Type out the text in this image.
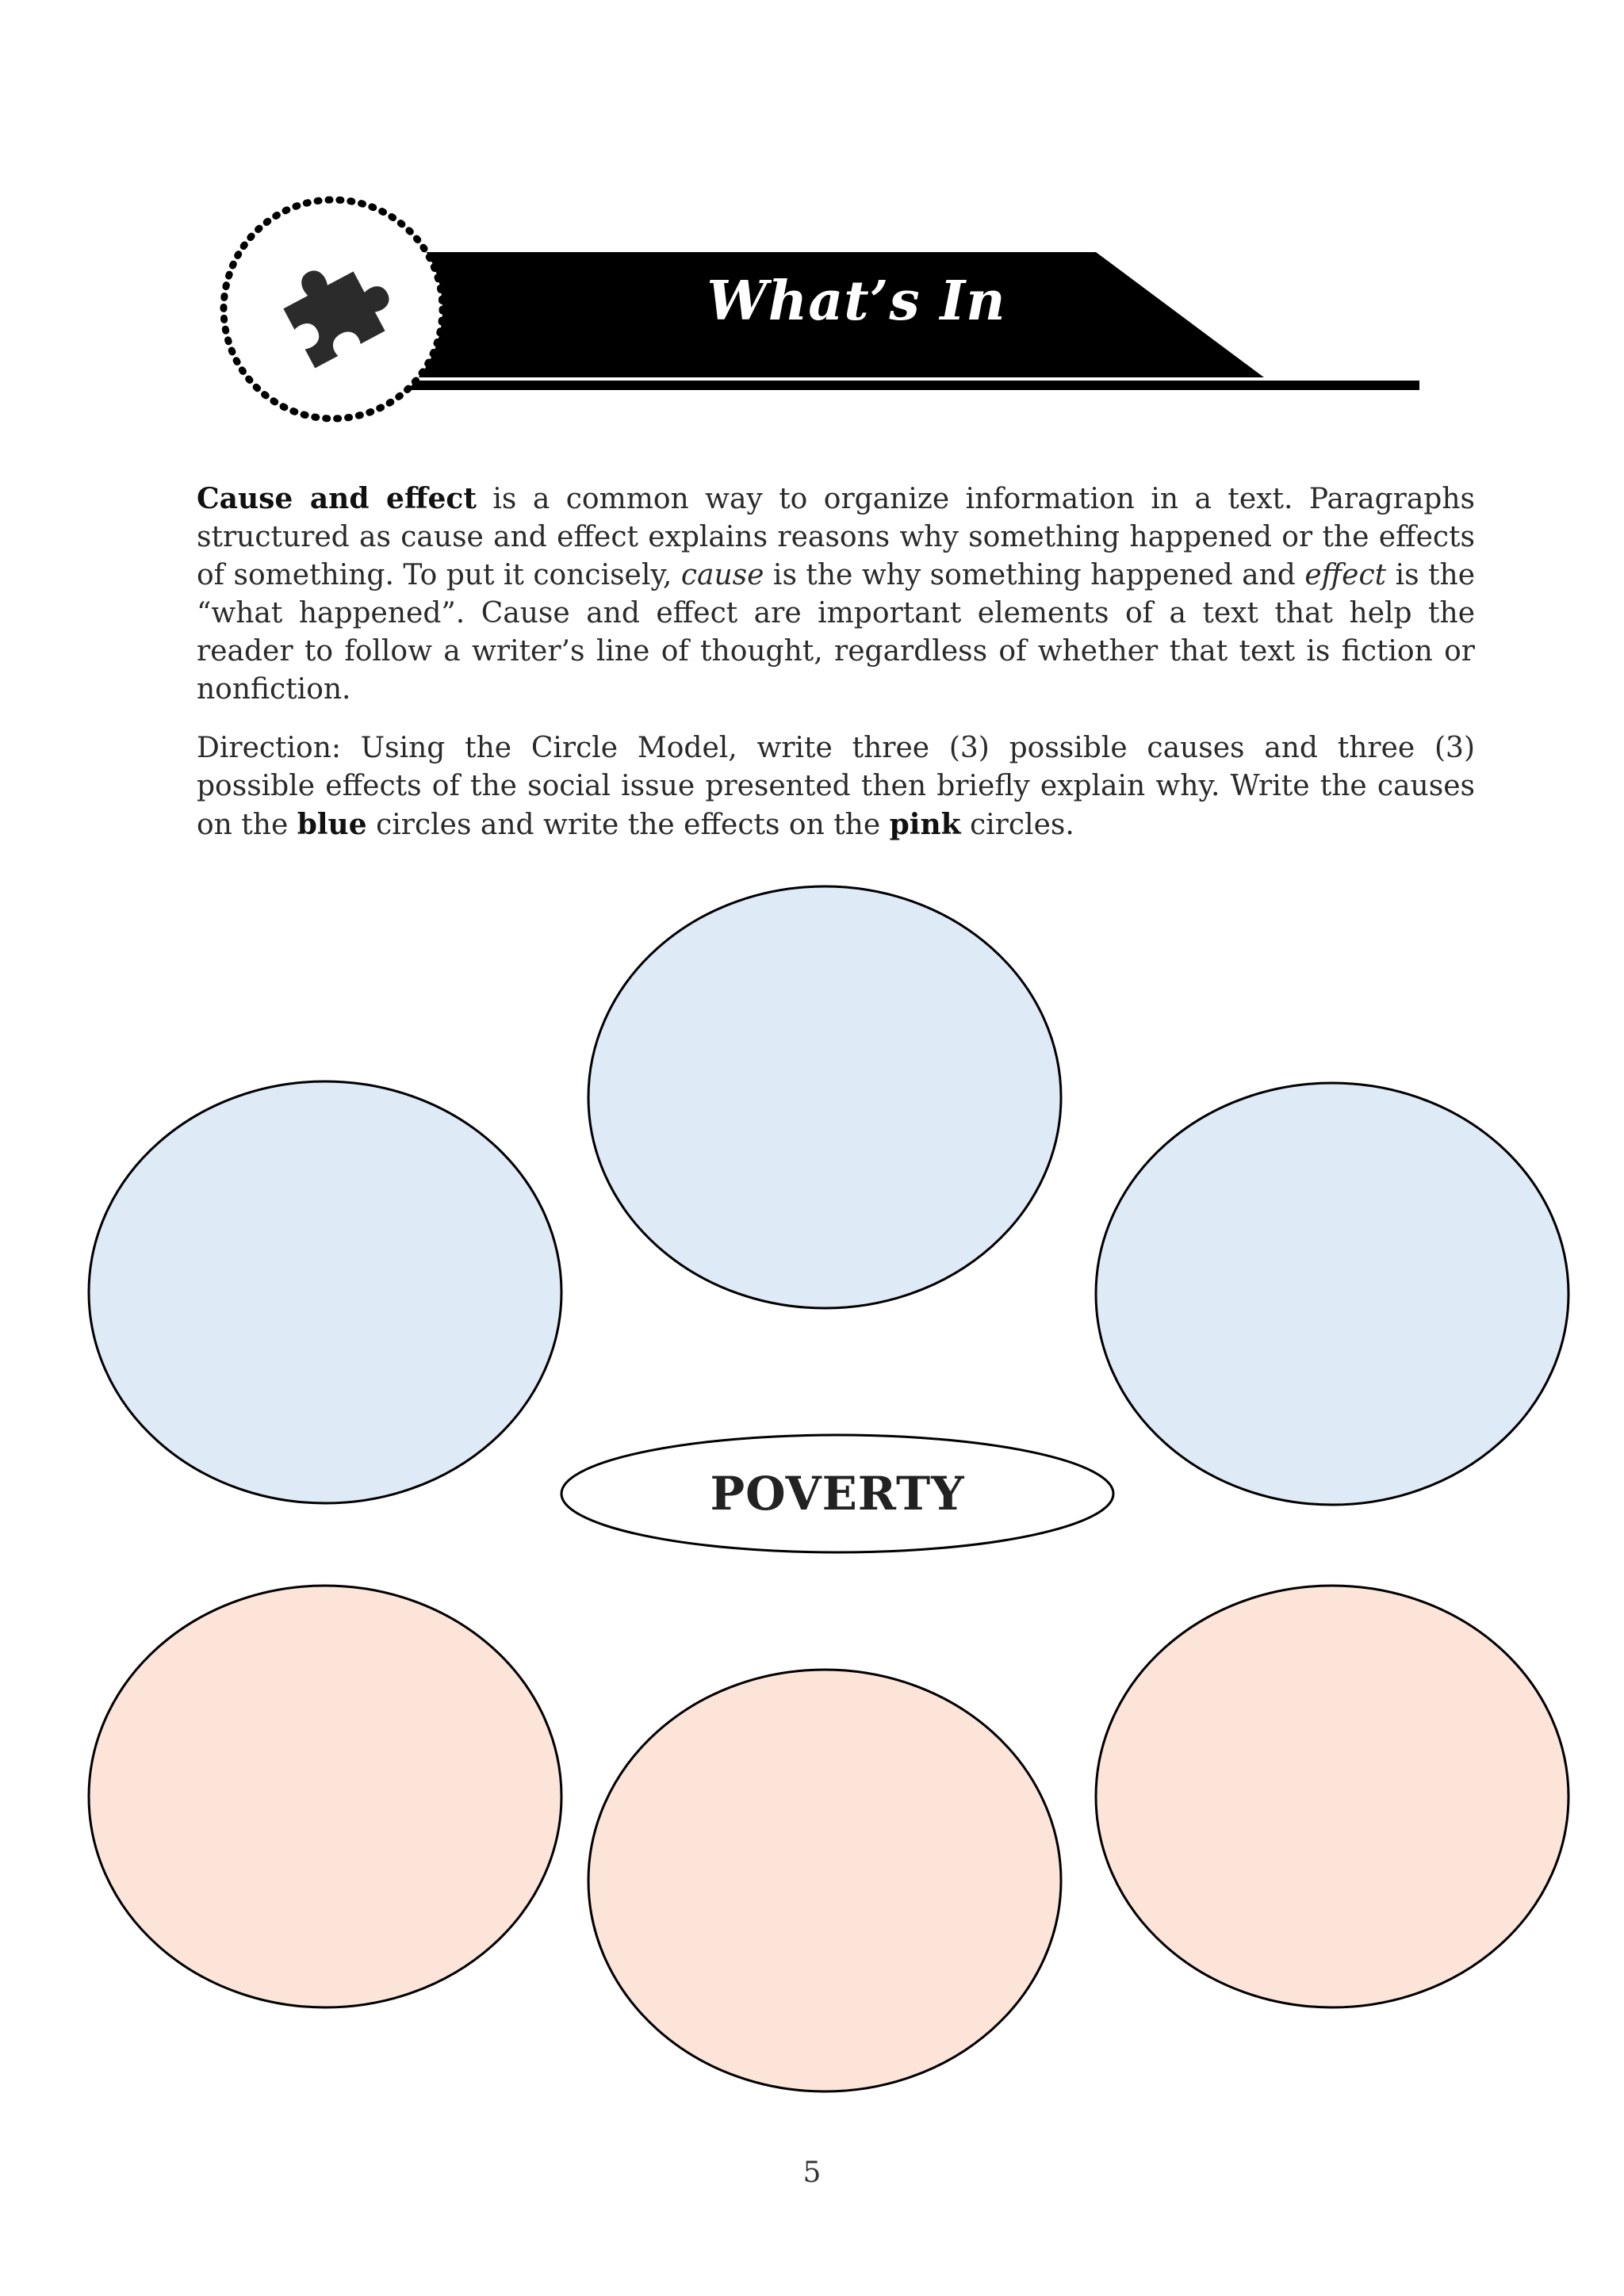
What’s In
Cause and effect is a common way to organize information in a text. Paragraphs structured as cause and effect explains reasons why something happened or the effects of something. To put it concisely, cause is the why something happened and effect is the “what happened”. Cause and effect are important elements of a text that help the reader to follow a writer’s line of thought, regardless of whether that text is fiction or nonfiction.
Direction: Using the Circle Model, write three (3) possible causes and three (3) possible effects of the social issue presented then briefly explain why. Write the causes on the blue circles and write the effects on the pink circles.
POVERTY
5
